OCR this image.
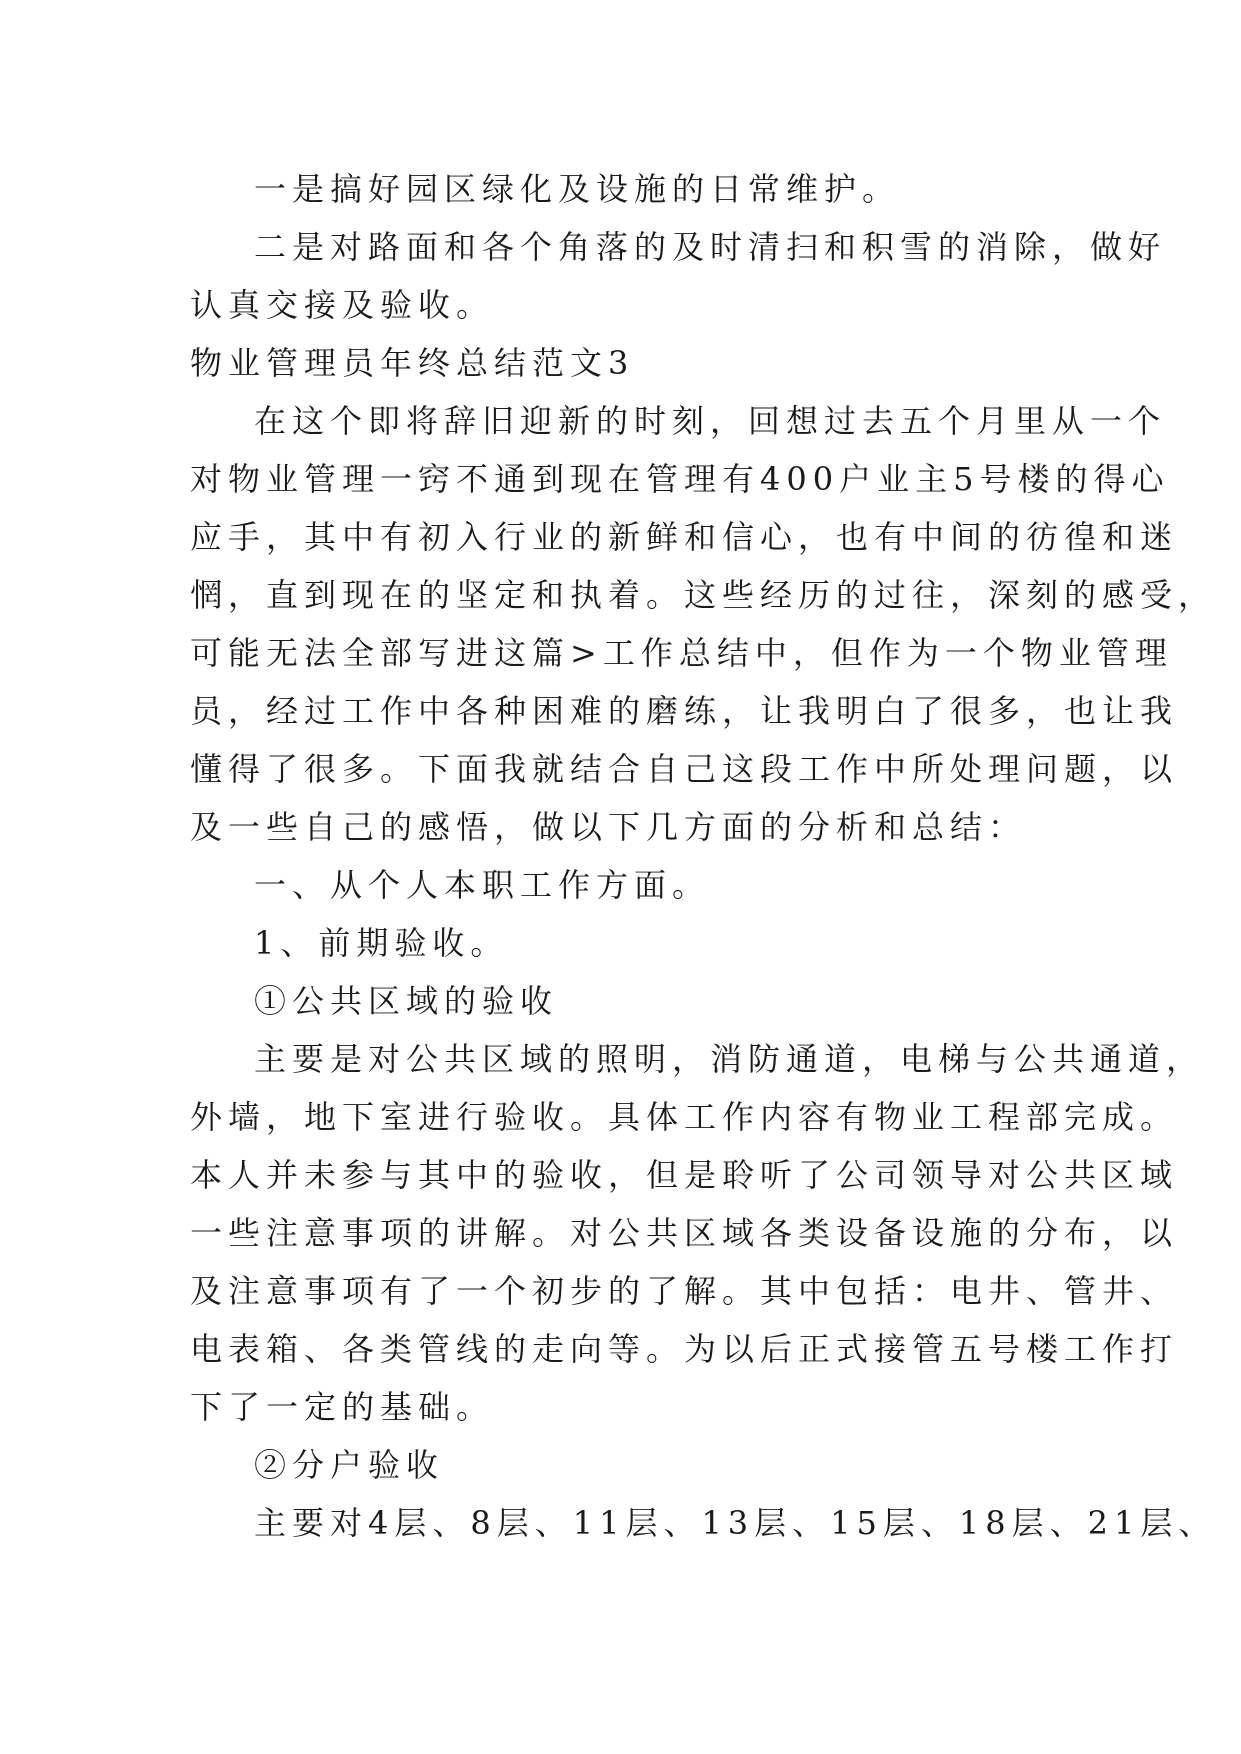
一是搞好园区绿化及设施的日常维护。

二是对路面和各个角落的及时清扫和积雪的消除，做好

认真交接及验收。

物业管理员年终总结范文3

在这个即将辞旧迎新的时刻，回想过去五个月里从一个

对物业管理一窍不通到现在管理有400户业主5号楼的得心

应手，其中有初入行业的新鲜和信心，也有中间的彷徨和迷

惘，直到现在的坚定和执着。这些经历的过往，深刻的感受，

可能无法全部写进这篇>工作总结中，但作为一个物业管理

员，经过工作中各种困难的磨练，让我明白了很多，也让我

懂得了很多。下面我就结合自己这段工作中所处理问题，以

及一些自己的感悟，做以下几方面的分析和总结：

一、从个人本职工作方面。

1、前期验收。

①公共区域的验收

主要是对公共区域的照明，消防通道，电梯与公共通道，

外墙，地下室进行验收。具体工作内容有物业工程部完成。

本人并未参与其中的验收，但是聆听了公司领导对公共区域

一些注意事项的讲解。对公共区域各类设备设施的分布，以

及注意事项有了一个初步的了解。其中包括：电井、管井、

电表箱、各类管线的走向等。为以后正式接管五号楼工作打

下了一定的基础。

②分户验收

主要对4层、8层、11层、13层、15层、18层、21层、
